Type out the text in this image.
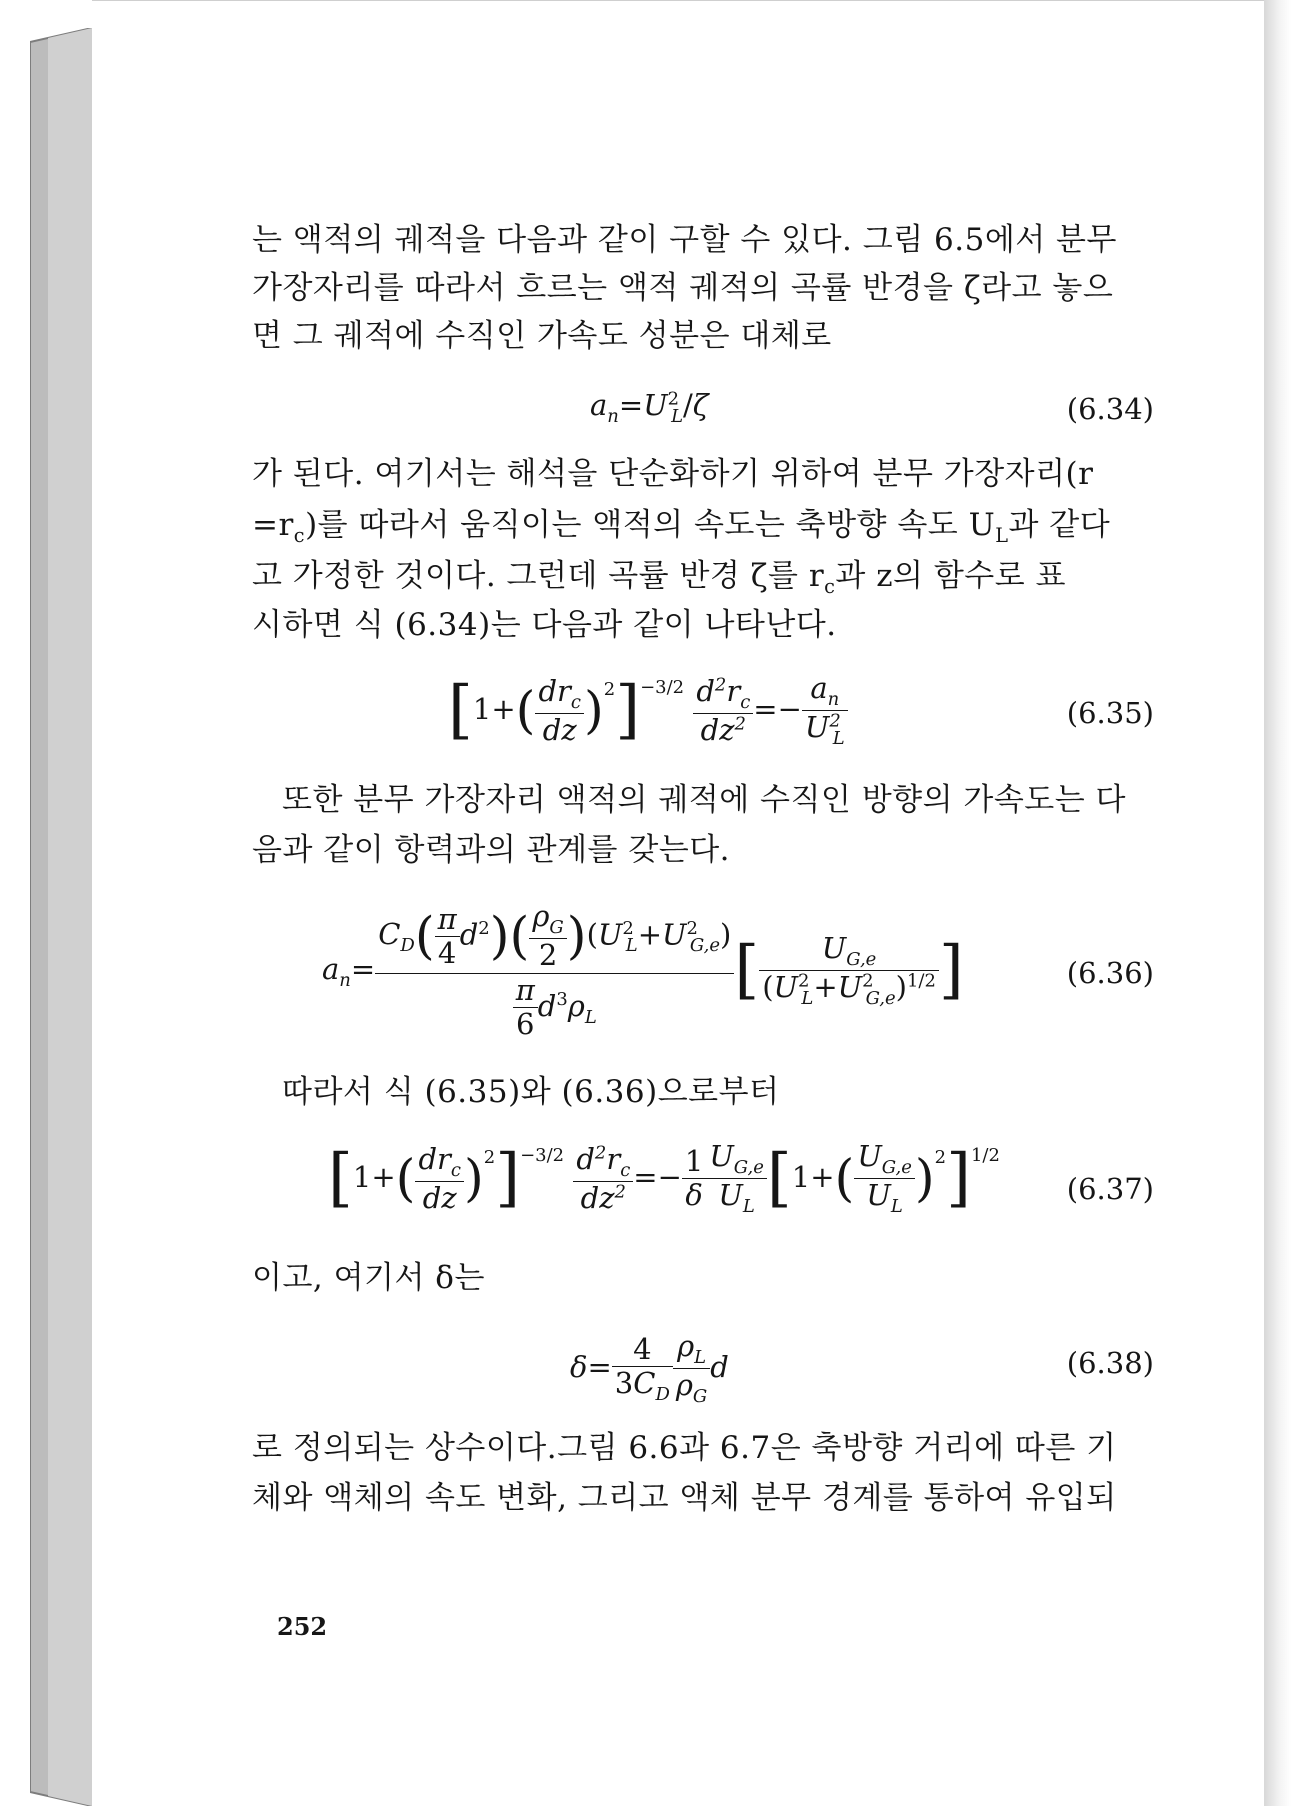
는 액적의 궤적을 다음과 같이 구할 수 있다. 그림 6.5에서 분무
가장자리를 따라서 흐르는 액적 궤적의 곡률 반경을 ζ라고 놓으
면 그 궤적에 수직인 가속도 성분은 대체로
$a_n=U^2_L/\zeta$	(6.34)
가 된다. 여기서는 해석을 단순화하기 위하여 분무 가장자리(r
$=r_c$)를 따라서 움직이는 액적의 속도는 축방향 속도 $U_L$과 같다
고 가정한 것이다. 그런데 곡률 반경 ζ를 $r_c$과 z의 함수로 표
시하면 식 (6.34)는 다음과 같이 나타난다.
$[1+( \frac{dr_c}{dz} )^2]^{-3/2} \frac{d^2r_c}{dz^2} =- \frac{a_n}{U^2_L}$	(6.35)
또한 분무 가장자리 액적의 궤적에 수직인 방향의 가속도는 다
음과 같이 항력과의 관계를 갖는다.
$a_n= \frac{C_D( \frac{\pi}{4} d^2)( \frac{\rho_G}{2} )(U^2_L+U^2_{G,e})}{\frac{\pi}{6} d^3\rho_L}$ [ $\frac{U_{G,e}}{(U^2_L+U^2_{G,e})^{1/2}}$ ]	(6.36)
따라서 식 (6.35)와 (6.36)으로부터
$[1+( \frac{dr_c}{dz} )^2]^{-3/2} \frac{d^2r_c}{dz^2} =- \frac{1}{\delta} \frac{U_{G,e}}{U_L} [1+( \frac{U_{G,e}}{U_L} )^2]^{1/2}$
(6.37)
이고, 여기서 δ는
$\delta= \frac{4}{3C_D} \frac{\rho_L}{\rho_G}$ d	(6.38)
로 정의되는 상수이다.그림 6.6과 6.7은 축방향 거리에 따른 기
체와 액체의 속도 변화, 그리고 액체 분무 경계를 통하여 유입되
252
